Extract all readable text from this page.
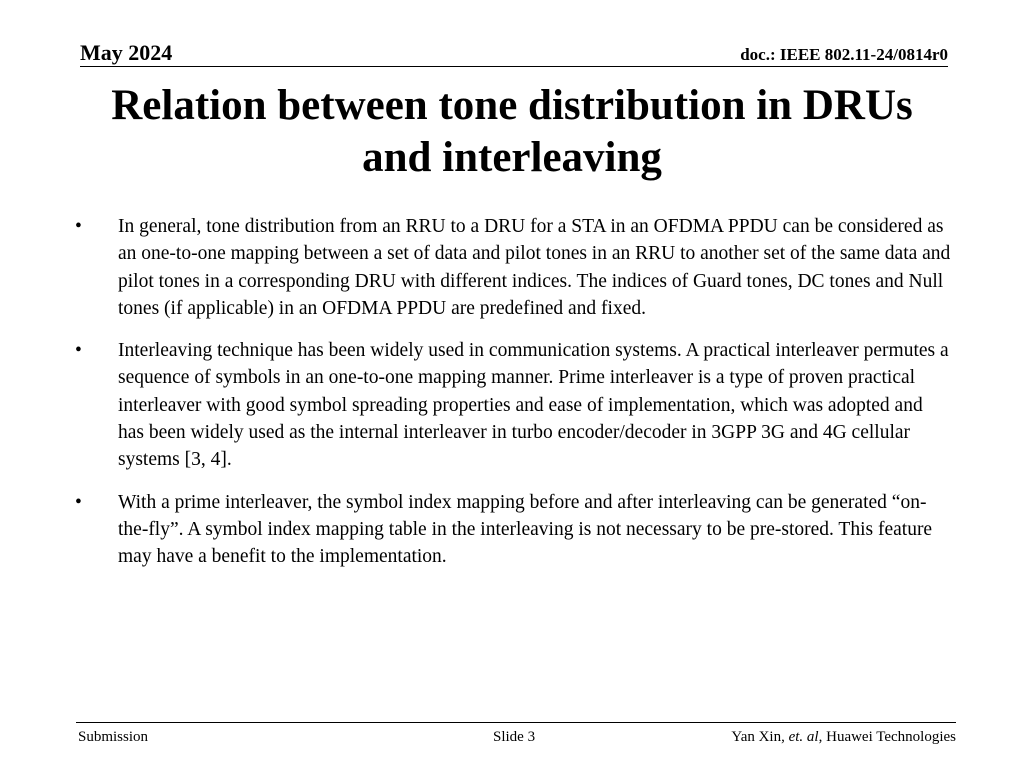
May 2024	doc.: IEEE 802.11-24/0814r0
Relation between tone distribution in DRUs
and interleaving
• In general, tone distribution from an RRU to a DRU for a STA in an OFDMA PPDU can be considered as an one-to-one mapping between a set of data and pilot tones in an RRU to another set of the same data and pilot tones in a corresponding DRU with different indices. The indices of Guard tones, DC tones and Null tones (if applicable) in an OFDMA PPDU are predefined and fixed.
• Interleaving technique has been widely used in communication systems. A practical interleaver permutes a sequence of symbols in an one-to-one mapping manner. Prime interleaver is a type of proven practical interleaver with good symbol spreading properties and ease of implementation, which was adopted and has been widely used as the internal interleaver in turbo encoder/decoder in 3GPP 3G and 4G cellular systems [3, 4].
• With a prime interleaver, the symbol index mapping before and after interleaving can be generated “on-the-fly”. A symbol index mapping table in the interleaving is not necessary to be pre-stored. This feature may have a benefit to the implementation.
Submission	Slide 3	Yan Xin, et. al, Huawei Technologies
